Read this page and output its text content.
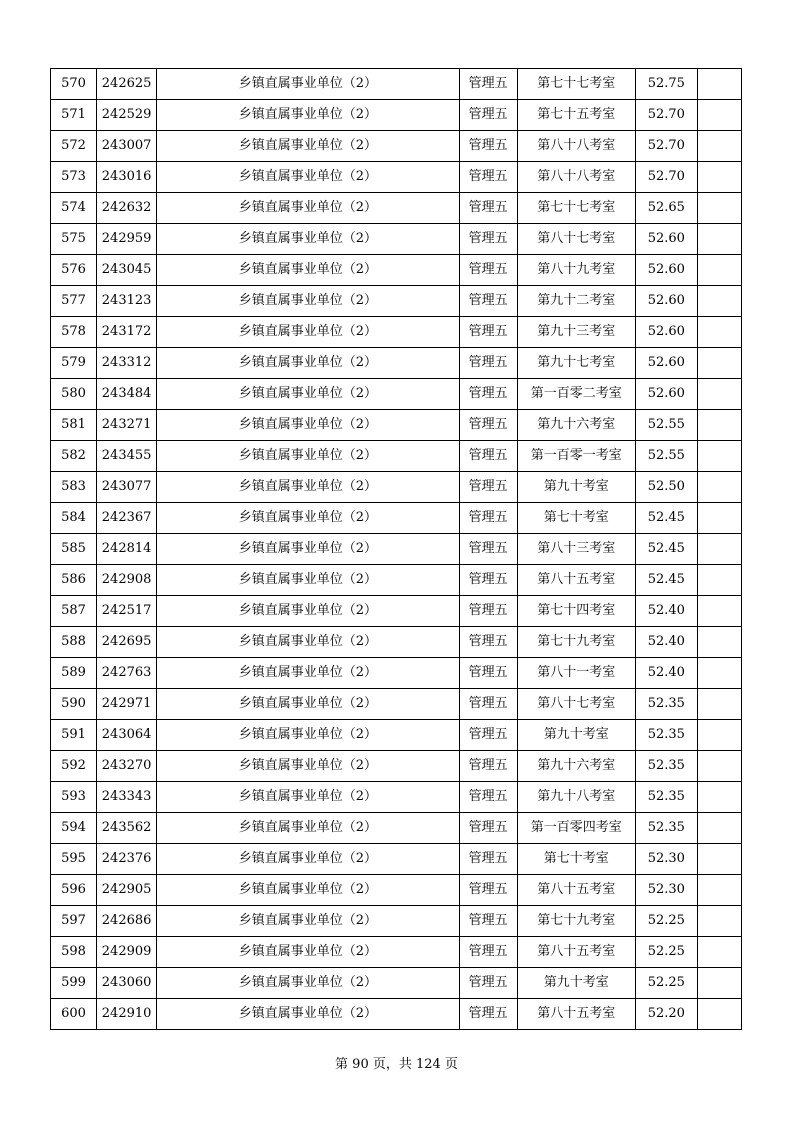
570	242625	乡镇直属事业单位（2）	管理五	第七十七考室	52.75	
571	242529	乡镇直属事业单位（2）	管理五	第七十五考室	52.70	
572	243007	乡镇直属事业单位（2）	管理五	第八十八考室	52.70	
573	243016	乡镇直属事业单位（2）	管理五	第八十八考室	52.70	
574	242632	乡镇直属事业单位（2）	管理五	第七十七考室	52.65	
575	242959	乡镇直属事业单位（2）	管理五	第八十七考室	52.60	
576	243045	乡镇直属事业单位（2）	管理五	第八十九考室	52.60	
577	243123	乡镇直属事业单位（2）	管理五	第九十二考室	52.60	
578	243172	乡镇直属事业单位（2）	管理五	第九十三考室	52.60	
579	243312	乡镇直属事业单位（2）	管理五	第九十七考室	52.60	
580	243484	乡镇直属事业单位（2）	管理五	第一百零二考室	52.60	
581	243271	乡镇直属事业单位（2）	管理五	第九十六考室	52.55	
582	243455	乡镇直属事业单位（2）	管理五	第一百零一考室	52.55	
583	243077	乡镇直属事业单位（2）	管理五	第九十考室	52.50	
584	242367	乡镇直属事业单位（2）	管理五	第七十考室	52.45	
585	242814	乡镇直属事业单位（2）	管理五	第八十三考室	52.45	
586	242908	乡镇直属事业单位（2）	管理五	第八十五考室	52.45	
587	242517	乡镇直属事业单位（2）	管理五	第七十四考室	52.40	
588	242695	乡镇直属事业单位（2）	管理五	第七十九考室	52.40	
589	242763	乡镇直属事业单位（2）	管理五	第八十一考室	52.40	
590	242971	乡镇直属事业单位（2）	管理五	第八十七考室	52.35	
591	243064	乡镇直属事业单位（2）	管理五	第九十考室	52.35	
592	243270	乡镇直属事业单位（2）	管理五	第九十六考室	52.35	
593	243343	乡镇直属事业单位（2）	管理五	第九十八考室	52.35	
594	243562	乡镇直属事业单位（2）	管理五	第一百零四考室	52.35	
595	242376	乡镇直属事业单位（2）	管理五	第七十考室	52.30	
596	242905	乡镇直属事业单位（2）	管理五	第八十五考室	52.30	
597	242686	乡镇直属事业单位（2）	管理五	第七十九考室	52.25	
598	242909	乡镇直属事业单位（2）	管理五	第八十五考室	52.25	
599	243060	乡镇直属事业单位（2）	管理五	第九十考室	52.25	
600	242910	乡镇直属事业单位（2）	管理五	第八十五考室	52.20	
第 90 页，共 124 页
